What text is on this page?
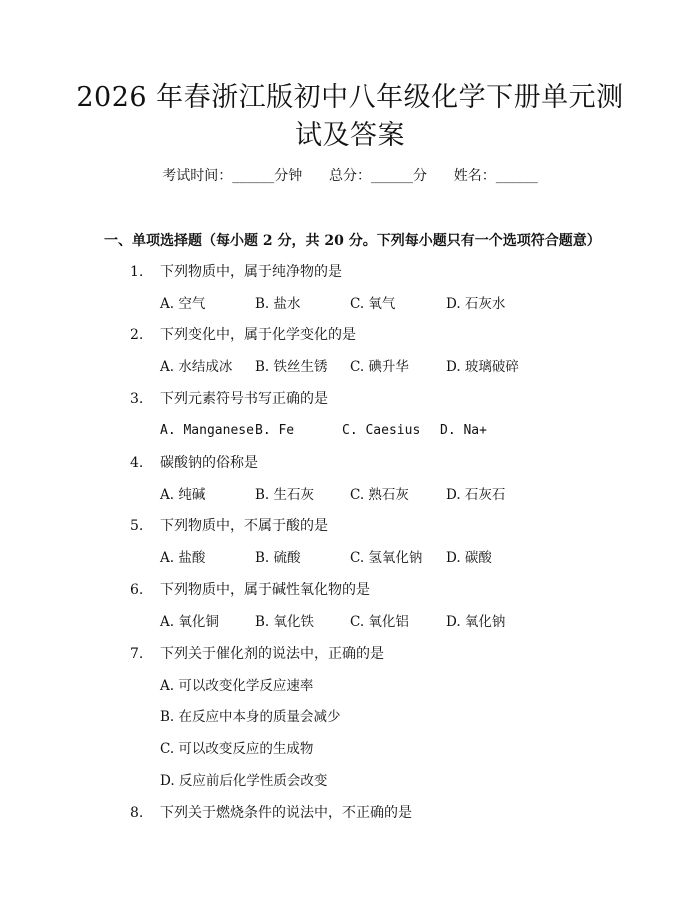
2026 年春浙江版初中八年级化学下册单元测
试及答案
考试时间：______分钟 总分：______分 姓名：______
一、单项选择题（每小题 2 分，共 20 分。下列每小题只有一个选项符合题意）
1. 下列物质中，属于纯净物的是
A. 空气	B. 盐水	C. 氧气	D. 石灰水
2. 下列变化中，属于化学变化的是
A. 水结成冰 B. 铁丝生锈 C. 碘升华	D. 玻璃破碎
3. 下列元素符号书写正确的是
A. Manganese B. Fe	C. Caesius D. Na+
4. 碳酸钠的俗称是
A. 纯碱	B. 生石灰	C. 熟石灰	D. 石灰石
5. 下列物质中，不属于酸的是
A. 盐酸	B. 硫酸	C. 氢氧化钠 D. 碳酸
6. 下列物质中，属于碱性氧化物的是
A. 氧化铜	B. 氧化铁	C. 氧化铝	D. 氧化钠
7. 下列关于催化剂的说法中，正确的是
A. 可以改变化学反应速率
B. 在反应中本身的质量会减少
C. 可以改变反应的生成物
D. 反应前后化学性质会改变
8. 下列关于燃烧条件的说法中，不正确的是
